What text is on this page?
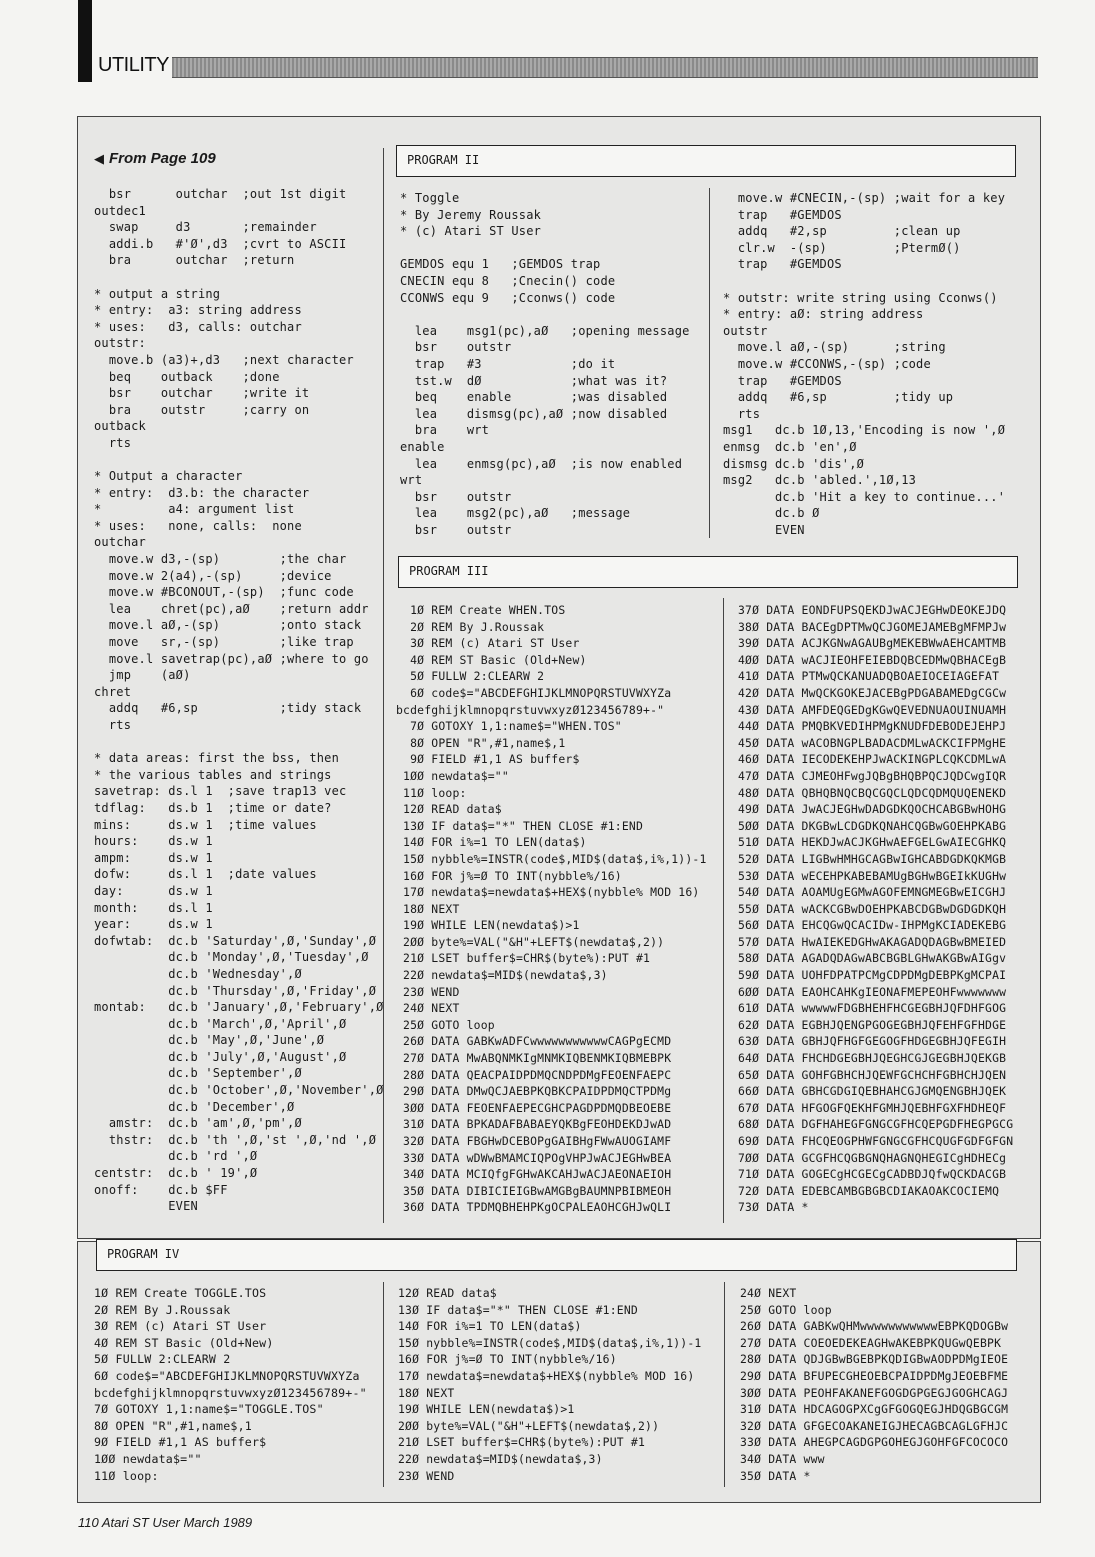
UTILITY
◀ From Page 109
bsr      outchar  ;out 1st digit
outdec1
swap     d3       ;remainder
addi.b   #'Ø',d3  ;cvrt to ASCII
bra      outchar  ;return
* output a string
* entry:  a3: string address
* uses:   d3, calls: outchar
outstr:
move.b (a3)+,d3   ;next character
beq    outback    ;done
bsr    outchar    ;write it
bra    outstr     ;carry on
outback
rts
* Output a character
* entry:  d3.b: the character
*         a4: argument list
* uses:   none, calls:  none
outchar
move.w d3,-(sp)        ;the char
move.w 2(a4),-(sp)     ;device
move.w #BCONOUT,-(sp)  ;func code
lea    chret(pc),aØ    ;return addr
move.l aØ,-(sp)        ;onto stack
move   sr,-(sp)        ;like trap
move.l savetrap(pc),aØ ;where to go
jmp    (aØ)
chret
addq   #6,sp           ;tidy stack
rts
* data areas: first the bss, then
* the various tables and strings
savetrap: ds.l 1  ;save trap13 vec
tdflag:   ds.b 1  ;time or date?
mins:     ds.w 1  ;time values
hours:    ds.w 1
ampm:     ds.w 1
dofw:     ds.l 1  ;date values
day:      ds.w 1
month:    ds.l 1
year:     ds.w 1
dofwtab:  dc.b 'Saturday',Ø,'Sunday',Ø
dc.b 'Monday',Ø,'Tuesday',Ø
dc.b 'Wednesday',Ø
dc.b 'Thursday',Ø,'Friday',Ø
montab:   dc.b 'January',Ø,'February',Ø
dc.b 'March',Ø,'April',Ø
dc.b 'May',Ø,'June',Ø
dc.b 'July',Ø,'August',Ø
dc.b 'September',Ø
dc.b 'October',Ø,'November',Ø
dc.b 'December',Ø
amstr:  dc.b 'am',Ø,'pm',Ø
thstr:  dc.b 'th ',Ø,'st ',Ø,'nd ',Ø
dc.b 'rd ',Ø
centstr:  dc.b ' 19',Ø
onoff:    dc.b $FF
EVEN
PROGRAM II
* Toggle
* By Jeremy Roussak
* (c) Atari ST User
GEMDOS equ 1   ;GEMDOS trap
CNECIN equ 8   ;Cnecin() code
CCONWS equ 9   ;Cconws() code
lea    msg1(pc),aØ   ;opening message
bsr    outstr
trap   #3            ;do it
tst.w  dØ            ;what was it?
beq    enable        ;was disabled
lea    dismsg(pc),aØ ;now disabled
bra    wrt
enable
lea    enmsg(pc),aØ  ;is now enabled
wrt
bsr    outstr
lea    msg2(pc),aØ   ;message
bsr    outstr
move.w #CNECIN,-(sp) ;wait for a key
trap   #GEMDOS
addq   #2,sp         ;clean up
clr.w  -(sp)         ;PtermØ()
trap   #GEMDOS
* outstr: write string using Cconws()
* entry: aØ: string address
outstr
move.l aØ,-(sp)      ;string
move.w #CCONWS,-(sp) ;code
trap   #GEMDOS
addq   #6,sp         ;tidy up
rts
msg1   dc.b 1Ø,13,'Encoding is now ',Ø
enmsg  dc.b 'en',Ø
dismsg dc.b 'dis',Ø
msg2   dc.b 'abled.',1Ø,13
dc.b 'Hit a key to continue...'
dc.b Ø
EVEN
PROGRAM III
1Ø REM Create WHEN.TOS
2Ø REM By J.Roussak
3Ø REM (c) Atari ST User
4Ø REM ST Basic (Old+New)
5Ø FULLW 2:CLEARW 2
6Ø code$="ABCDEFGHIJKLMNOPQRSTUVWXYZa
bcdefghijklmnopqrstuvwxyzØ123456789+-"
7Ø GOTOXY 1,1:name$="WHEN.TOS"
8Ø OPEN "R",#1,name$,1
9Ø FIELD #1,1 AS buffer$
1ØØ newdata$=""
11Ø loop:
12Ø READ data$
13Ø IF data$="*" THEN CLOSE #1:END
14Ø FOR i%=1 TO LEN(data$)
15Ø nybble%=INSTR(code$,MID$(data$,i%,1))-1
16Ø FOR j%=Ø TO INT(nybble%/16)
17Ø newdata$=newdata$+HEX$(nybble% MOD 16)
18Ø NEXT
19Ø WHILE LEN(newdata$)>1
2ØØ byte%=VAL("&H"+LEFT$(newdata$,2))
21Ø LSET buffer$=CHR$(byte%):PUT #1
22Ø newdata$=MID$(newdata$,3)
23Ø WEND
24Ø NEXT
25Ø GOTO loop
26Ø DATA GABKwADFCwwwwwwwwwwwCAGPgECMD
27Ø DATA MwABQNMKIgMNMKIQBENMKIQBMEBPK
28Ø DATA QEACPAIDPDMQCNDPDMgFEOENFAEPC
29Ø DATA DMwQCJAEBPKQBKCPAIDPDMQCTPDMg
3ØØ DATA FEOENFAEPECGHCPAGDPDMQDBEOEBE
31Ø DATA BPKADAFBABAEYQKBgFEOHDEKDJwAD
32Ø DATA FBGHwDCEBOPgGAIBHgFWwAUOGIAMF
33Ø DATA wDWwBMAMCIQPOgVHPJwACJEGHwBEA
34Ø DATA MCIQfgFGHwAKCAHJwACJAEONAEIOH
35Ø DATA DIBICIEIGBwAMGBgBAUMNPBIBMEOH
36Ø DATA TPDMQBHEHPKgOCPALEAOHCGHJwQLI
37Ø DATA EONDFUPSQEKDJwACJEGHwDEOKEJDQ
38Ø DATA BACEgDPTMwQCJGOMEJAMEBgMFMPJw
39Ø DATA ACJKGNwAGAUBgMEKEBWwAEHCAMTMB
4ØØ DATA wACJIEOHFEIEBDQBCEDMwQBHACEgB
41Ø DATA PTMwQCKANUADQBOAEIOCEIAGEFAT
42Ø DATA MwQCKGOKEJACEBgPDGABAMEDgCGCw
43Ø DATA AMFDEQGEDgKGwQEVEDNUAOUINUAMH
44Ø DATA PMQBKVEDIHPMgKNUDFDEBODEJEHPJ
45Ø DATA wACOBNGPLBADACDMLwACKCIFPMgHE
46Ø DATA IECODEKEHPJwACKINGPLCQKCDMLwA
47Ø DATA CJMEOHFwgJQBgBHQBPQCJQDCwgIQR
48Ø DATA QBHQBNQCBQCGQCLQDCQDMQUQENEKD
49Ø DATA JwACJEGHwDADGDKQOCHCABGBwHOHG
5ØØ DATA DKGBwLCDGDKQNAHCQGBwGOEHPKABG
51Ø DATA HEKDJwACJKGHwAEFGELGwAIECGHKQ
52Ø DATA LIGBwHMHGCAGBwIGHCABDGDKQKMGB
53Ø DATA wECEHPKABEBAMUgBGHwBGEIkKUGHw
54Ø DATA AOAMUgEGMwAGOFEMNGMEGBwEICGHJ
55Ø DATA wACKCGBwDOEHPKABCDGBwDGDGDKQH
56Ø DATA EHCQGwQCACIDw-IHPMgKCIADEKEBG
57Ø DATA HwAIEKEDGHwAKAGADQDAGBwBMEIED
58Ø DATA AGADQDAGwABCBGBLGHwAKGBwAIGgv
59Ø DATA UOHFDPATPCMgCDPDMgDEBPKgMCPAI
6ØØ DATA EAOHCAHKgIEONAFMEPEOHFwwwwwww
61Ø DATA wwwwwFDGBHEHFHCGEGBHJQFDHFGOG
62Ø DATA EGBHJQENGPGOGEGBHJQFEHFGFHDGE
63Ø DATA GBHJQFHGFGEGOGFHDGEGBHJQFEGIH
64Ø DATA FHCHDGEGBHJQEGHCGJGEGBHJQEKGB
65Ø DATA GOHFGBHCHJQEWFGCHCHFGBHCHJQEN
66Ø DATA GBHCGDGIQEBHAHCGJGMQENGBHJQEK
67Ø DATA HFGOGFQEKHFGMHJQEBHFGXFHDHEQF
68Ø DATA DGFHAHEGFGNGCGFHCQEPGDFHEGPGCG
69Ø DATA FHCQEOGPHWFGNGCGFHCQUGFGDFGFGN
7ØØ DATA GCGFHCQGBGNQHAGNQHEGICgHDHECg
71Ø DATA GOGECgHCGECgCADBDJQfwQCKDACGB
72Ø DATA EDEBCAMBGBGBCDIAKAOAKCOCIEMQ
73Ø DATA *
PROGRAM IV
1Ø REM Create TOGGLE.TOS
2Ø REM By J.Roussak
3Ø REM (c) Atari ST User
4Ø REM ST Basic (Old+New)
5Ø FULLW 2:CLEARW 2
6Ø code$="ABCDEFGHIJKLMNOPQRSTUVWXYZa
bcdefghijklmnopqrstuvwxyzØ123456789+-"
7Ø GOTOXY 1,1:name$="TOGGLE.TOS"
8Ø OPEN "R",#1,name$,1
9Ø FIELD #1,1 AS buffer$
1ØØ newdata$=""
11Ø loop:
12Ø READ data$
13Ø IF data$="*" THEN CLOSE #1:END
14Ø FOR i%=1 TO LEN(data$)
15Ø nybble%=INSTR(code$,MID$(data$,i%,1))-1
16Ø FOR j%=Ø TO INT(nybble%/16)
17Ø newdata$=newdata$+HEX$(nybble% MOD 16)
18Ø NEXT
19Ø WHILE LEN(newdata$)>1
2ØØ byte%=VAL("&H"+LEFT$(newdata$,2))
21Ø LSET buffer$=CHR$(byte%):PUT #1
22Ø newdata$=MID$(newdata$,3)
23Ø WEND
24Ø NEXT
25Ø GOTO loop
26Ø DATA GABKwQHMwwwwwwwwwwwEBPKQDOGBw
27Ø DATA COEOEDEKEAGHwAKEBPKQUGwQEBPK
28Ø DATA QDJGBwBGEBPKQDIGBwAODPDMgIEOE
29Ø DATA BFUPECGHEOEBCPAIDPDMgJEOEBFME
3ØØ DATA PEOHFAKANEFGOGDGPGEGJGOGHCAGJ
31Ø DATA HDCAGOGPXCgGFGOGQEGJHDQGBGCGM
32Ø DATA GFGECOAKANEIGJHECAGBCAGLGFHJC
33Ø DATA AHEGPCAGDGPGOHEGJGOHFGFCOCOCO
34Ø DATA www
35Ø DATA *
110 Atari ST User March 1989
